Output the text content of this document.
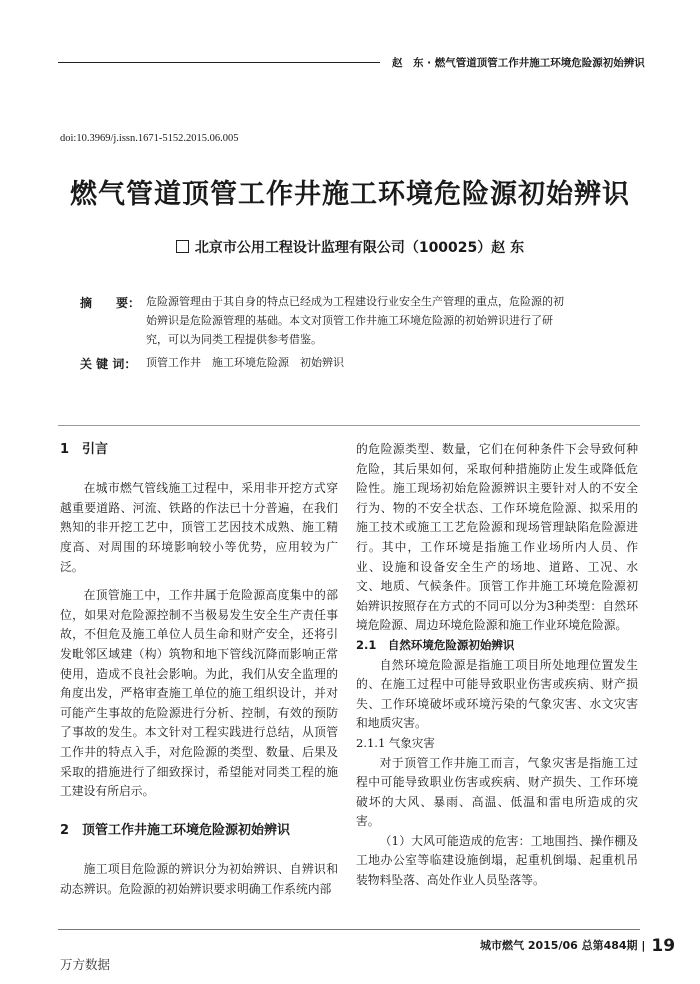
赵　东 · 燃气管道顶管工作井施工环境危险源初始辨识
doi:10.3969/j.issn.1671-5152.2015.06.005
燃气管道顶管工作井施工环境危险源初始辨识
北京市公用工程设计监理有限公司（100025）赵 东
摘　　要： 危险源管理由于其自身的特点已经成为工程建设行业安全生产管理的重点，危险源的初
始辨识是危险源管理的基础。本文对顶管工作井施工环境危险源的初始辨识进行了研
究，可以为同类工程提供参考借鉴。
关 键 词： 顶管工作井　施工环境危险源　初始辨识
1　引言

在城市燃气管线施工过程中，采用非开挖方式穿越重要道路、河流、铁路的作法已十分普遍，在我们熟知的非开挖工艺中，顶管工艺因技术成熟、施工精度高、对周围的环境影响较小等优势，应用较为广泛。

在顶管施工中，工作井属于危险源高度集中的部位，如果对危险源控制不当极易发生安全生产责任事故，不但危及施工单位人员生命和财产安全，还将引发毗邻区域建（构）筑物和地下管线沉降而影响正常使用，造成不良社会影响。为此，我们从安全监理的角度出发，严格审查施工单位的施工组织设计，并对可能产生事故的危险源进行分析、控制，有效的预防了事故的发生。本文针对工程实践进行总结，从顶管工作井的特点入手，对危险源的类型、数量、后果及采取的措施进行了细致探讨，希望能对同类工程的施工建设有所启示。

2　顶管工作井施工环境危险源初始辨识

施工项目危险源的辨识分为初始辨识、自辨识和动态辨识。危险源的初始辨识要求明确工作系统内部

的危险源类型、数量，它们在何种条件下会导致何种危险，其后果如何，采取何种措施防止发生或降低危险性。施工现场初始危险源辨识主要针对人的不安全行为、物的不安全状态、工作环境危险源、拟采用的施工技术或施工工艺危险源和现场管理缺陷危险源进行。其中，工作环境是指施工作业场所内人员、作业、设施和设备安全生产的场地、道路、工况、水文、地质、气候条件。顶管工作井施工环境危险源初始辨识按照存在方式的不同可以分为3种类型：自然环境危险源、周边环境危险源和施工作业环境危险源。

2.1　自然环境危险源初始辨识

自然环境危险源是指施工项目所处地理位置发生的、在施工过程中可能导致职业伤害或疾病、财产损失、工作环境破坏或环境污染的气象灾害、水文灾害和地质灾害。

2.1.1 气象灾害

对于顶管工作井施工而言，气象灾害是指施工过程中可能导致职业伤害或疾病、财产损失、工作环境破坏的大风、暴雨、高温、低温和雷电所造成的灾害。

（1）大风可能造成的危害：工地围挡、操作棚及工地办公室等临建设施倒塌，起重机倒塌、起重机吊装物料坠落、高处作业人员坠落等。

城市燃气 2015/06 总第484期 | 19
万方数据
